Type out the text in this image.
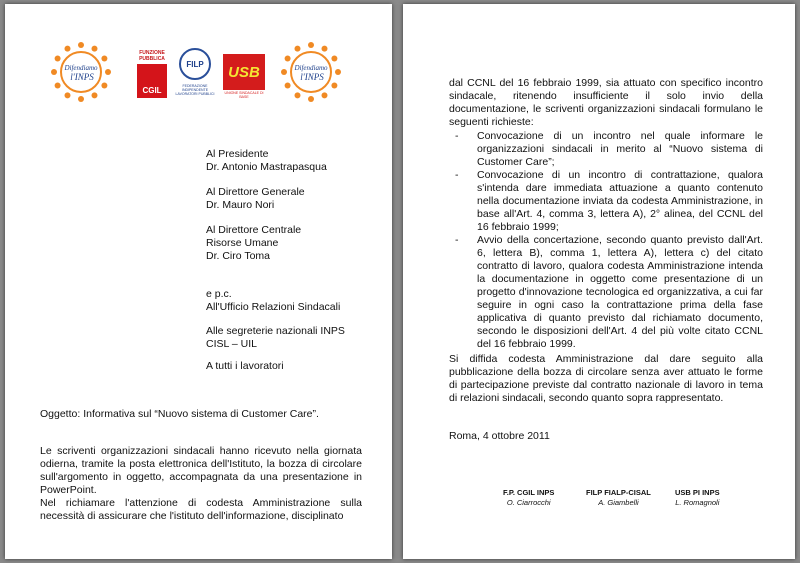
Difendiamo
l'INPS
FUNZIONE
PUBBLICA
CGIL
FILP
FEDERAZIONE INDIPENDENTE LAVORATORI PUBBLICI
USB
UNIONE SINDACALE DI BASE
Difendiamo
l'INPS
Al Presidente
Dr. Antonio Mastrapasqua
Al Direttore Generale
Dr. Mauro Nori
Al Direttore Centrale
Risorse Umane
Dr. Ciro Toma
e p.c.
All'Ufficio Relazioni Sindacali
Alle segreterie nazionali INPS
CISL – UIL
A tutti i lavoratori
Oggetto: Informativa sul “Nuovo sistema di Customer Care”.

Le scriventi organizzazioni sindacali hanno ricevuto nella giornata odierna, tramite la posta elettronica dell'Istituto, la bozza di circolare sull'argomento in oggetto, accompagnata da una presentazione in PowerPoint.

Nel richiamare l'attenzione di codesta Amministrazione sulla necessità di assicurare che l'istituto dell'informazione, disciplinato

dal CCNL del 16 febbraio 1999, sia attuato con specifico incontro sindacale, ritenendo insufficiente il solo invio della documentazione, le scriventi organizzazioni sindacali formulano le seguenti richieste:

- Convocazione di un incontro nel quale informare le organizzazioni sindacali in merito al “Nuovo sistema di Customer Care”;
- Convocazione di un incontro di contrattazione, qualora s'intenda dare immediata attuazione a quanto contenuto nella documentazione inviata da codesta Amministrazione, in base all'Art. 4, comma 3, lettera A), 2° alinea, del CCNL del 16 febbraio 1999;
- Avvio della concertazione, secondo quanto previsto dall'Art. 6, lettera B), comma 1, lettera A), lettera c) del citato contratto di lavoro, qualora codesta Amministrazione intenda la documentazione in oggetto come presentazione di un progetto d'innovazione tecnologica ed organizzativa, a cui far seguire in ogni caso la contrattazione prima della fase applicativa di quanto previsto dal richiamato documento, secondo le disposizioni dell'Art. 4 del più volte citato CCNL del 16 febbraio 1999.

Si diffida codesta Amministrazione dal dare seguito alla pubblicazione della bozza di circolare senza aver attuato le forme di partecipazione previste dal contratto nazionale di lavoro in tema di relazioni sindacali, secondo quanto sopra rappresentato.

Roma, 4 ottobre 2011
F.P. CGIL INPS
O. Ciarrocchi
FILP FIALP-CISAL
A. Giambelli
USB PI INPS
L. Romagnoli
